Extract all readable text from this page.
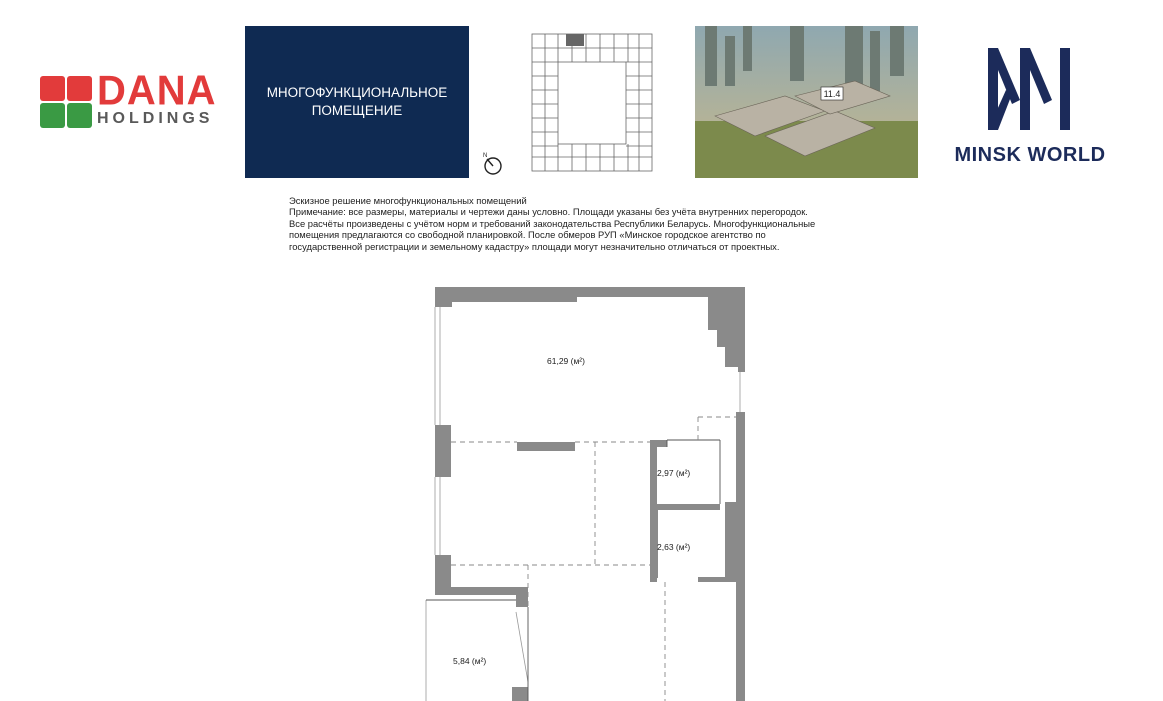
DANA
HOLDINGS
МНОГОФУНКЦИОНАЛЬНОЕ
ПОМЕЩЕНИЕ
N
11.4
MINSK WORLD
Эскизное решение многофункциональных помещений
Примечание: все размеры, материалы и чертежи даны условно. Площади указаны без учёта внутренних перегородок.
Все расчёты произведены с учётом норм и требований законодательства Республики Беларусь. Многофункциональные
помещения предлагаются со свободной планировкой. После обмеров РУП «Минское городское агентство по
государственной регистрации и земельному кадастру» площади могут незначительно отличаться от проектных.
61,29 (м²)
2,97 (м²)
2,63 (м²)
5,84 (м²)
